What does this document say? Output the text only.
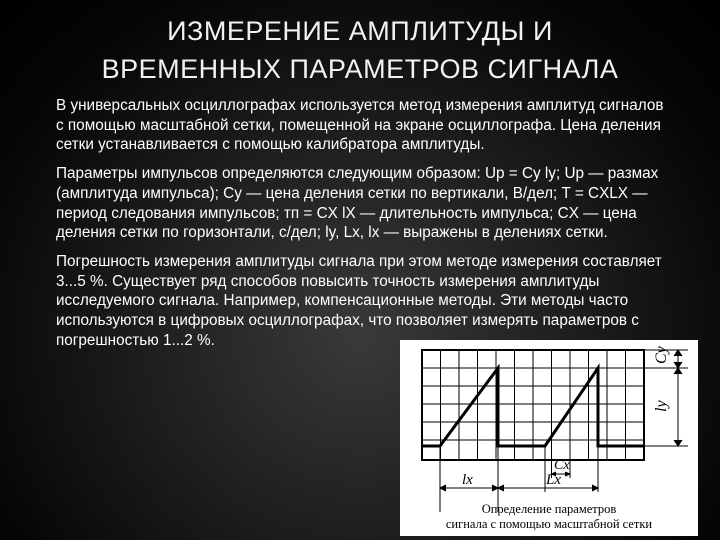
ИЗМЕРЕНИЕ АМПЛИТУДЫ И
ВРЕМЕННЫХ ПАРАМЕТРОВ СИГНАЛА

В универсальных осциллографах используется метод измерения амплитуд сигналов с помощью масштабной сетки, помещенной на экране осциллографа. Цена деления сетки устанавливается с помощью калибратора амплитуды.

Параметры импульсов определяются следующим образом: Up = Cy ly; Up — размах (амплитуда импульса); Cy — цена деления сетки по вертикали, В/дел; T = CXLX — период следования импульсов; тп = CX lX — длительность импульса; CX — цена деления сетки по горизонтали, с/дел; ly, Lx, lx — выражены в делениях сетки.

Погрешность измерения амплитуды сигнала при этом методе измерения составляет 3...5 %. Существует ряд способов повысить точность измерения амплитуды исследуемого сигнала. Например, компенсационные методы. Эти методы часто используются в цифровых осциллографах, что позволяет измерять параметров с погрешностью 1...2 %.

Cy
ly
Cx
lx	Lx
Определение параметров
сигнала с помощью масштабной сетки
